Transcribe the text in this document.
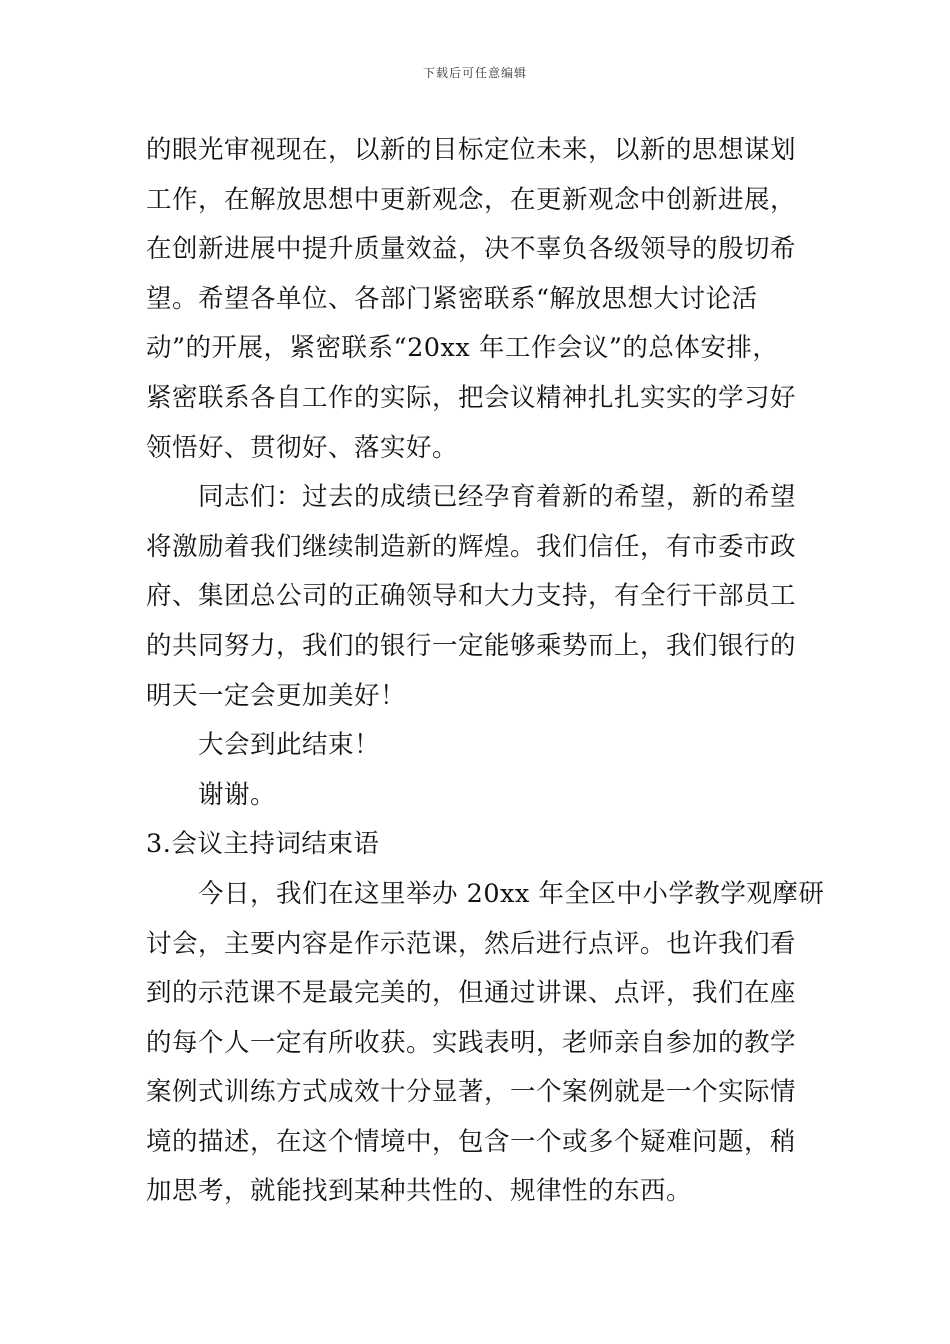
下载后可任意编辑
的眼光审视现在，以新的目标定位未来，以新的思想谋划
工作，在解放思想中更新观念，在更新观念中创新进展，
在创新进展中提升质量效益，决不辜负各级领导的殷切希
望。希望各单位、各部门紧密联系“解放思想大讨论活
动”的开展，紧密联系“20xx 年工作会议”的总体安排，
紧密联系各自工作的实际，把会议精神扎扎实实的学习好
领悟好、贯彻好、落实好。
同志们：过去的成绩已经孕育着新的希望，新的希望
将激励着我们继续制造新的辉煌。我们信任，有市委市政
府、集团总公司的正确领导和大力支持，有全行干部员工
的共同努力，我们的银行一定能够乘势而上，我们银行的
明天一定会更加美好！
大会到此结束！
谢谢。
3.会议主持词结束语
今日，我们在这里举办 20xx 年全区中小学教学观摩研
讨会，主要内容是作示范课，然后进行点评。也许我们看
到的示范课不是最完美的，但通过讲课、点评，我们在座
的每个人一定有所收获。实践表明，老师亲自参加的教学
案例式训练方式成效十分显著，一个案例就是一个实际情
境的描述，在这个情境中，包含一个或多个疑难问题，稍
加思考，就能找到某种共性的、规律性的东西。
